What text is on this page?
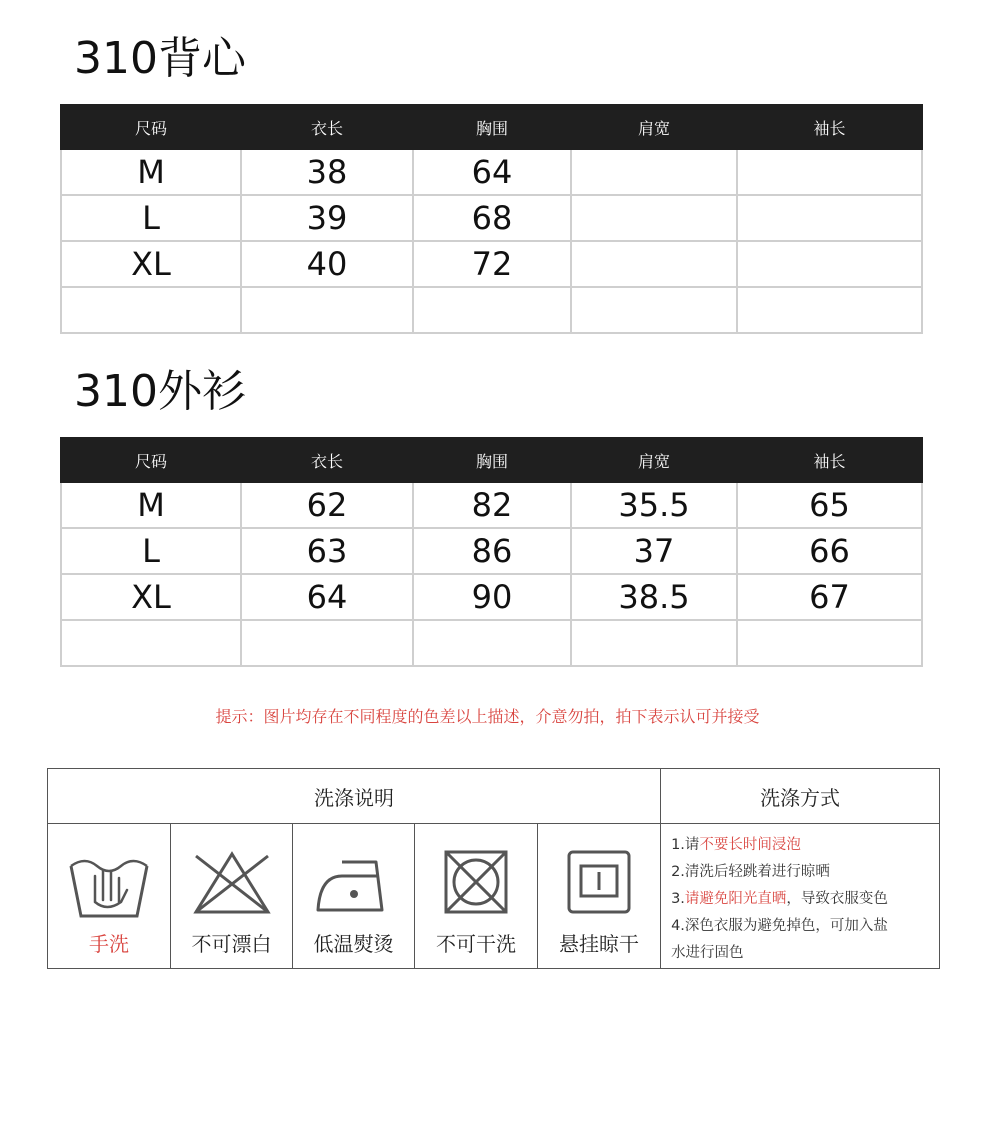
310背心
尺码	衣长	胸围	肩宽	袖长
M	38	64		
L	39	68		
XL	40	72		

310外衫
尺码	衣长	胸围	肩宽	袖长
M	62	82	35.5	65
L	63	86	37	66
XL	64	90	38.5	67

提示：图片均存在不同程度的色差以上描述，介意勿拍，拍下表示认可并接受
洗涤说明					洗涤方式

手洗	不可漂白	低温熨烫	不可干洗	悬挂晾干	1.请不要长时间浸泡
2.清洗后轻跳着进行晾晒
3.请避免阳光直晒，导致衣服变色
4.深色衣服为避免掉色，可加入盐
水进行固色
